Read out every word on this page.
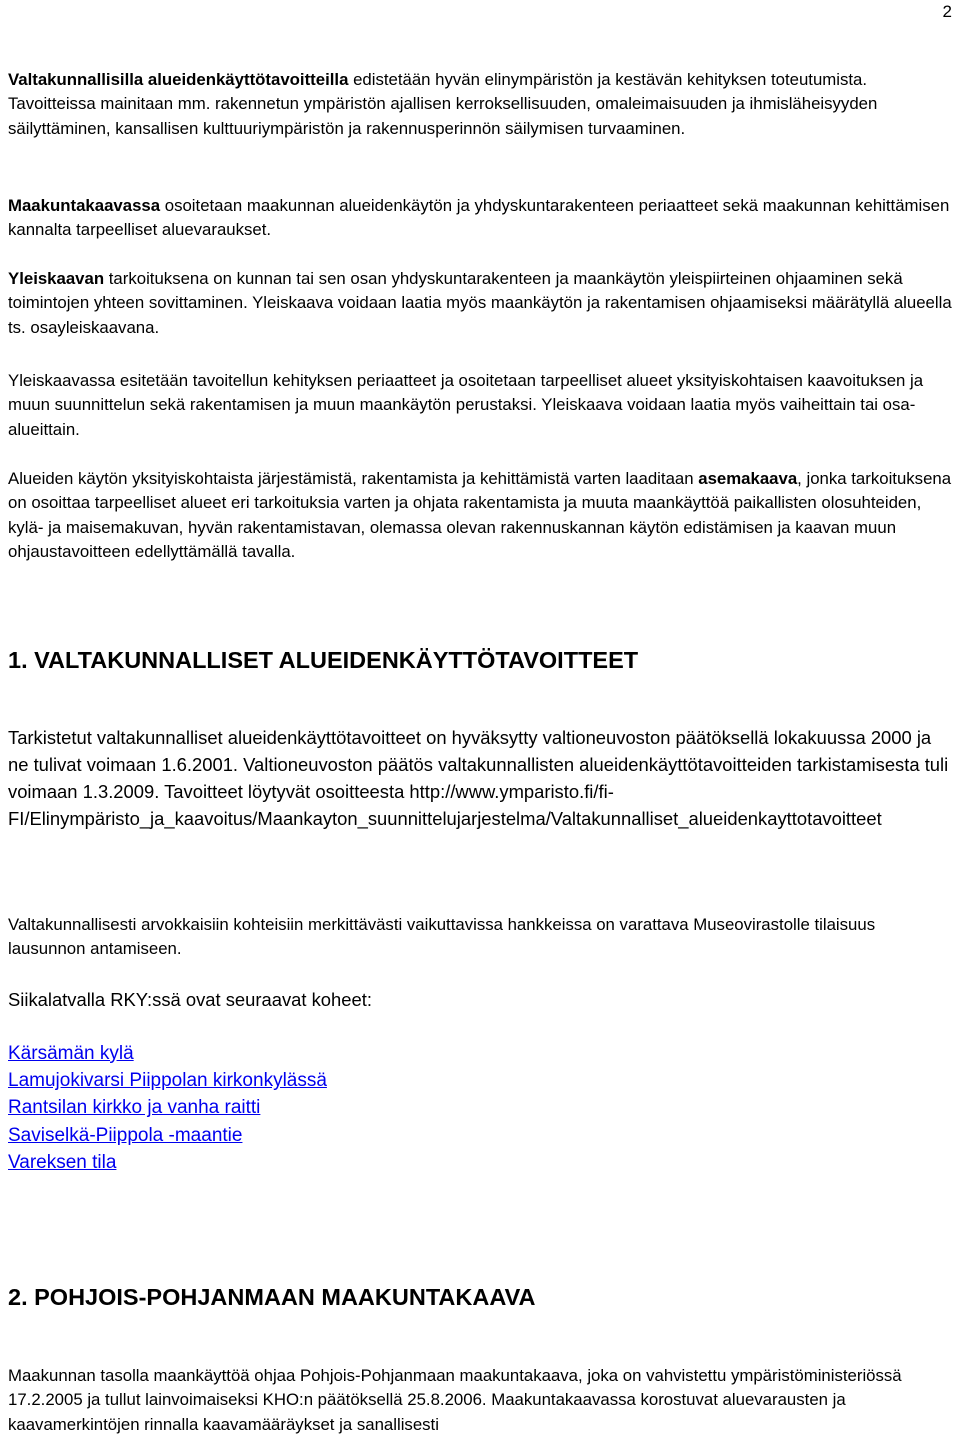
2

Valtakunnallisilla alueidenkäyttötavoitteilla edistetään hyvän elinympäristön ja kestävän kehityksen toteutumista. Tavoitteissa mainitaan mm. rakennetun ympäristön ajallisen kerroksellisuuden, omaleimaisuuden ja ihmisläheisyyden säilyttäminen, kansallisen kulttuuriympäristön ja rakennusperinnön säilymisen turvaaminen.

Maakuntakaavassa osoitetaan maakunnan alueidenkäytön ja yhdyskuntarakenteen periaatteet sekä maakunnan kehittämisen kannalta tarpeelliset aluevaraukset.

Yleiskaavan tarkoituksena on kunnan tai sen osan yhdyskuntarakenteen ja maankäytön yleispiirteinen ohjaaminen sekä toimintojen yhteen sovittaminen. Yleiskaava voidaan laatia myös maankäytön ja rakentamisen ohjaamiseksi määrätyllä alueella ts. osayleiskaavana.

Yleiskaavassa esitetään tavoitellun kehityksen periaatteet ja osoitetaan tarpeelliset alueet yksityiskohtaisen kaavoituksen ja muun suunnittelun sekä rakentamisen ja muun maankäytön perustaksi. Yleiskaava voidaan laatia myös vaiheittain tai osa-alueittain.

Alueiden käytön yksityiskohtaista järjestämistä, rakentamista ja kehittämistä varten laaditaan asemakaava, jonka tarkoituksena on osoittaa tarpeelliset alueet eri tarkoituksia varten ja ohjata rakentamista ja muuta maankäyttöä paikallisten olosuhteiden, kylä- ja maisemakuvan, hyvän rakentamistavan, olemassa olevan rakennuskannan käytön edistämisen ja kaavan muun ohjaustavoitteen edellyttämällä tavalla.

1. VALTAKUNNALLISET ALUEIDENKÄYTTÖTAVOITTEET

Tarkistetut valtakunnalliset alueidenkäyttötavoitteet on hyväksytty valtioneuvoston päätöksellä lokakuussa 2000 ja ne tulivat voimaan 1.6.2001. Valtioneuvoston päätös valtakunnallisten alueidenkäyttötavoitteiden tarkistamisesta tuli voimaan 1.3.2009. Tavoitteet löytyvät osoitteesta http://www.ymparisto.fi/fi-FI/Elinympäristo_ja_kaavoitus/Maankayton_suunnittelujarjestelma/Valtakunnalliset_alueidenkayttotavoitteet

Valtakunnallisesti arvokkaisiin kohteisiin merkittävästi vaikuttavissa hankkeissa on varattava Museovirastolle tilaisuus lausunnon antamiseen.

Siikalatvalla RKY:ssä ovat seuraavat koheet:

Kärsämän kylä
Lamujokivarsi Piippolan kirkonkylässä
Rantsilan kirkko ja vanha raitti
Saviselkä-Piippola -maantie
Vareksen tila
2. POHJOIS-POHJANMAAN MAAKUNTAKAAVA

Maakunnan tasolla maankäyttöä ohjaa Pohjois-Pohjanmaan maakuntakaava, joka on vahvistettu ympäristöministeriössä 17.2.2005 ja tullut lainvoimaiseksi KHO:n päätöksellä 25.8.2006. Maakuntakaavassa korostuvat aluevarausten ja kaavamerkintöjen rinnalla kaavamääräykset ja sanallisesti
